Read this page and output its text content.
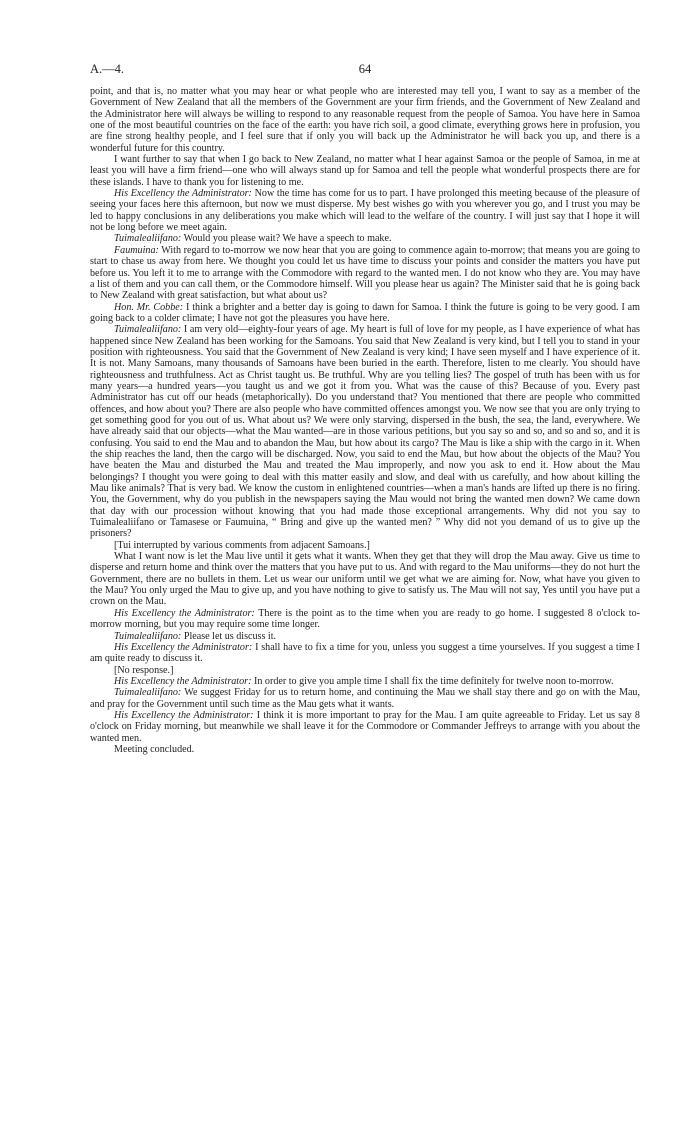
A.—4.	64

point, and that is, no matter what you may hear or what people who are interested may tell you, I want to say as a member of the Government of New Zealand that all the members of the Government are your firm friends, and the Government of New Zealand and the Administrator here will always be willing to respond to any reasonable request from the people of Samoa. You have here in Samoa one of the most beautiful countries on the face of the earth: you have rich soil, a good climate, everything grows here in profusion, you are fine strong healthy people, and I feel sure that if only you will back up the Administrator he will back you up, and there is a wonderful future for this country.

I want further to say that when I go back to New Zealand, no matter what I hear against Samoa or the people of Samoa, in me at least you will have a firm friend—one who will always stand up for Samoa and tell the people what wonderful prospects there are for these islands. I have to thank you for listening to me.

His Excellency the Administrator: Now the time has come for us to part. I have prolonged this meeting because of the pleasure of seeing your faces here this afternoon, but now we must disperse. My best wishes go with you wherever you go, and I trust you may be led to happy conclusions in any deliberations you make which will lead to the welfare of the country. I will just say that I hope it will not be long before we meet again.

Tuimalealiifano: Would you please wait? We have a speech to make.

Faumuina: With regard to to-morrow we now hear that you are going to commence again to-morrow; that means you are going to start to chase us away from here. We thought you could let us have time to discuss your points and consider the matters you have put before us. You left it to me to arrange with the Commodore with regard to the wanted men. I do not know who they are. You may have a list of them and you can call them, or the Commodore himself. Will you please hear us again? The Minister said that he is going back to New Zealand with great satisfaction, but what about us?

Hon. Mr. Cobbe: I think a brighter and a better day is going to dawn for Samoa. I think the future is going to be very good. I am going back to a colder climate; I have not got the pleasures you have here.

Tuimalealiifano: I am very old—eighty-four years of age. My heart is full of love for my people, as I have experience of what has happened since New Zealand has been working for the Samoans. You said that New Zealand is very kind, but I tell you to stand in your position with righteousness. You said that the Government of New Zealand is very kind; I have seen myself and I have experience of it. It is not. Many Samoans, many thousands of Samoans have been buried in the earth. Therefore, listen to me clearly. You should have righteousness and truthfulness. Act as Christ taught us. Be truthful. Why are you telling lies? The gospel of truth has been with us for many years—a hundred years—you taught us and we got it from you. What was the cause of this? Because of you. Every past Administrator has cut off our heads (metaphorically). Do you understand that? You mentioned that there are people who committed offences, and how about you? There are also people who have committed offences amongst you. We now see that you are only trying to get something good for you out of us. What about us? We were only starving, dispersed in the bush, the sea, the land, everywhere. We have already said that our objects—what the Mau wanted—are in those various petitions, but you say so and so, and so and so, and it is confusing. You said to end the Mau and to abandon the Mau, but how about its cargo? The Mau is like a ship with the cargo in it. When the ship reaches the land, then the cargo will be discharged. Now, you said to end the Mau, but how about the objects of the Mau? You have beaten the Mau and disturbed the Mau and treated the Mau improperly, and now you ask to end it. How about the Mau belongings? I thought you were going to deal with this matter easily and slow, and deal with us carefully, and how about killing the Mau like animals? That is very bad. We know the custom in enlightened countries—when a man's hands are lifted up there is no firing. You, the Government, why do you publish in the newspapers saying the Mau would not bring the wanted men down? We came down that day with our procession without knowing that you had made those exceptional arrangements. Why did not you say to Tuimalealiifano or Tamasese or Faumuina, “ Bring and give up the wanted men? ” Why did not you demand of us to give up the prisoners?

[Tui interrupted by various comments from adjacent Samoans.]

What I want now is let the Mau live until it gets what it wants. When they get that they will drop the Mau away. Give us time to disperse and return home and think over the matters that you have put to us. And with regard to the Mau uniforms—they do not hurt the Government, there are no bullets in them. Let us wear our uniform until we get what we are aiming for. Now, what have you given to the Mau? You only urged the Mau to give up, and you have nothing to give to satisfy us. The Mau will not say, Yes until you have put a crown on the Mau.

His Excellency the Administrator: There is the point as to the time when you are ready to go home. I suggested 8 o'clock to-morrow morning, but you may require some time longer.

Tuimalealiifano: Please let us discuss it.

His Excellency the Administrator: I shall have to fix a time for you, unless you suggest a time yourselves. If you suggest a time I am quite ready to discuss it.

[No response.]

His Excellency the Administrator: In order to give you ample time I shall fix the time definitely for twelve noon to-morrow.

Tuimalealiifano: We suggest Friday for us to return home, and continuing the Mau we shall stay there and go on with the Mau, and pray for the Government until such time as the Mau gets what it wants.

His Excellency the Administrator: I think it is more important to pray for the Mau. I am quite agreeable to Friday. Let us say 8 o'clock on Friday morning, but meanwhile we shall leave it for the Commodore or Commander Jeffreys to arrange with you about the wanted men.

Meeting concluded.
